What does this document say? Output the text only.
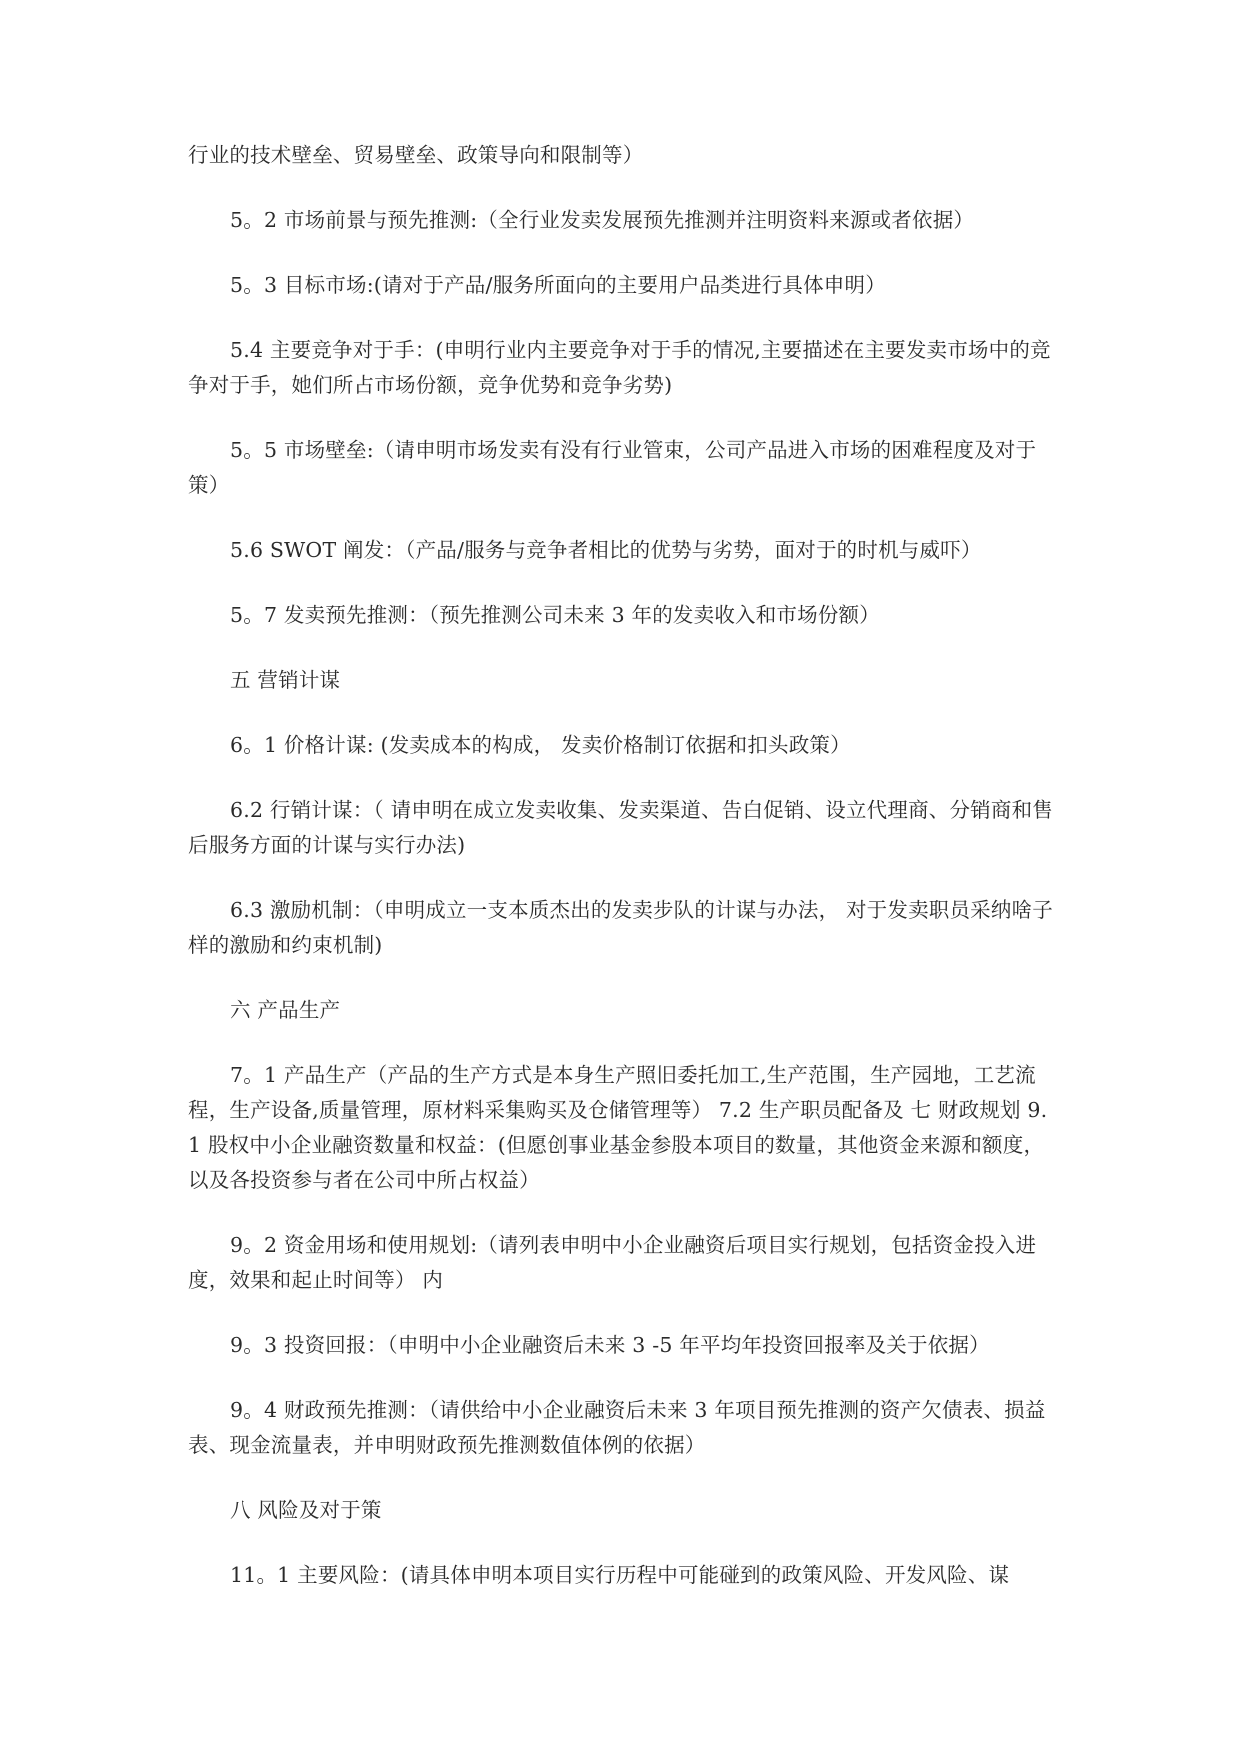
行业的技术壁垒、贸易壁垒、政策导向和限制等）

5。2 市场前景与预先推测:（全行业发卖发展预先推测并注明资料来源或者依据）

5。3 目标市场:(请对于产品/服务所面向的主要用户品类进行具体申明）

5.4 主要竞争对于手：(申明行业内主要竞争对于手的情况,主要描述在主要发卖市场中的竞争对于手，她们所占市场份额，竞争优势和竞争劣势)

5。5 市场壁垒:（请申明市场发卖有没有行业管束，公司产品进入市场的困难程度及对于策）

5.6 SWOT 阐发：（产品/服务与竞争者相比的优势与劣势，面对于的时机与威吓）

5。7 发卖预先推测：（预先推测公司未来 3 年的发卖收入和市场份额）

五 营销计谋

6。1 价格计谋: (发卖成本的构成， 发卖价格制订依据和扣头政策）

6.2 行销计谋：（ 请申明在成立发卖收集、发卖渠道、告白促销、设立代理商、分销商和售后服务方面的计谋与实行办法)

6.3 激励机制：（申明成立一支本质杰出的发卖步队的计谋与办法， 对于发卖职员采纳啥子样的激励和约束机制)

六 产品生产

7。1 产品生产（产品的生产方式是本身生产照旧委托加工,生产范围，生产园地，工艺流程，生产设备,质量管理，原材料采集购买及仓储管理等） 7.2 生产职员配备及 七 财政规划 9.1 股权中小企业融资数量和权益：(但愿创事业基金参股本项目的数量，其他资金来源和额度，以及各投资参与者在公司中所占权益）

9。2 资金用场和使用规划:（请列表申明中小企业融资后项目实行规划，包括资金投入进度，效果和起止时间等） 内

9。3 投资回报：（申明中小企业融资后未来 3 -5 年平均年投资回报率及关于依据）

9。4 财政预先推测：（请供给中小企业融资后未来 3 年项目预先推测的资产欠债表、损益表、现金流量表，并申明财政预先推测数值体例的依据）

八 风险及对于策

11。1 主要风险：(请具体申明本项目实行历程中可能碰到的政策风险、开发风险、谋
